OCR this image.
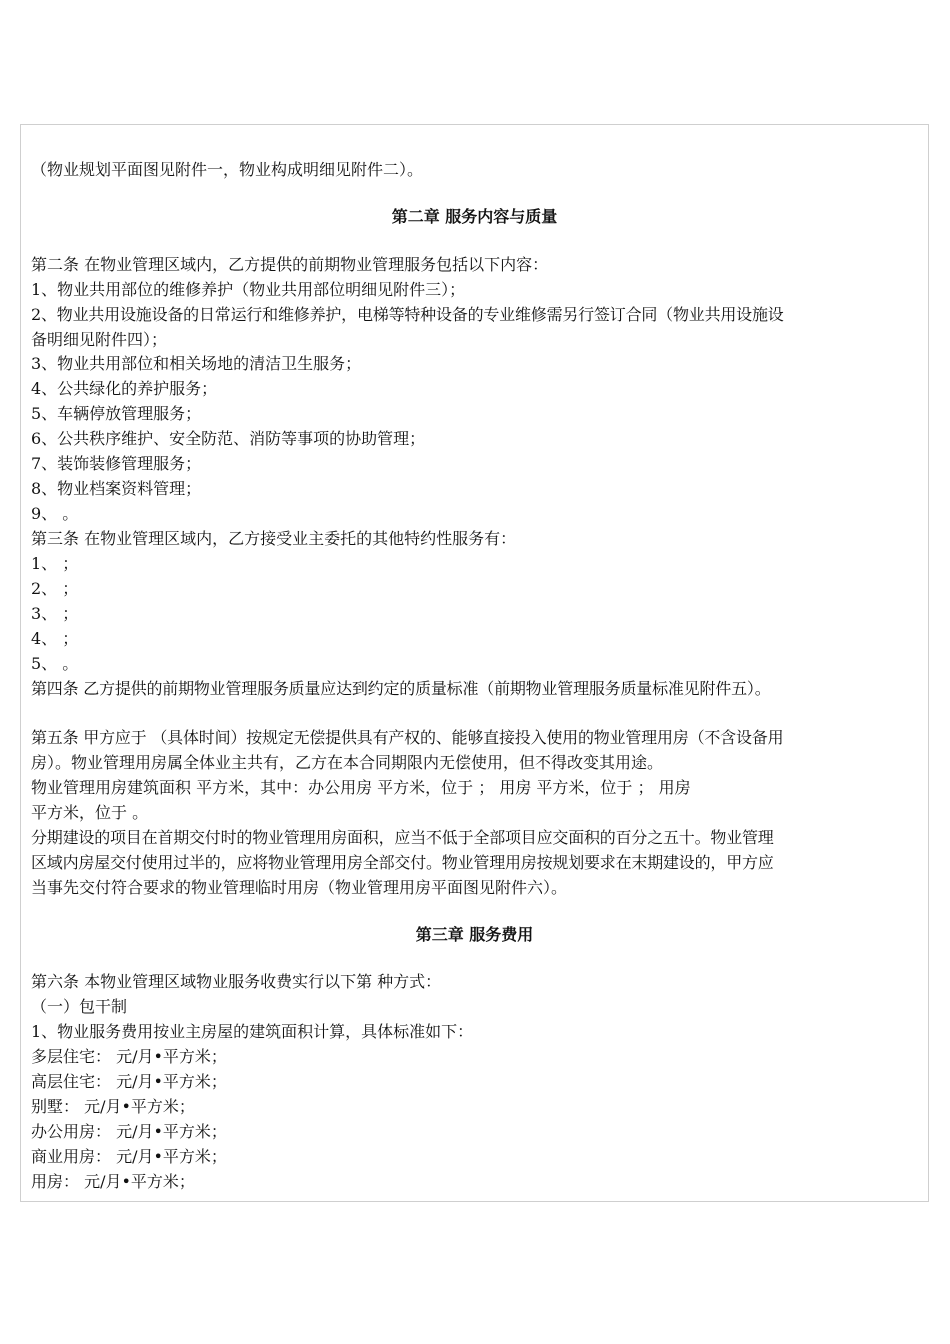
（物业规划平面图见附件一，物业构成明细见附件二）。
第二章 服务内容与质量
第二条 在物业管理区域内，乙方提供的前期物业管理服务包括以下内容：
1、物业共用部位的维修养护（物业共用部位明细见附件三）；
2、物业共用设施设备的日常运行和维修养护，电梯等特种设备的专业维修需另行签订合同（物业共用设施设
备明细见附件四）；
3、物业共用部位和相关场地的清洁卫生服务；
4、公共绿化的养护服务；
5、车辆停放管理服务；
6、公共秩序维护、安全防范、消防等事项的协助管理；
7、装饰装修管理服务；
8、物业档案资料管理；
9、 。
第三条 在物业管理区域内，乙方接受业主委托的其他特约性服务有：
1、 ；
2、 ；
3、 ；
4、 ；
5、 。
第四条 乙方提供的前期物业管理服务质量应达到约定的质量标准（前期物业管理服务质量标准见附件五）。
第五条 甲方应于 （具体时间）按规定无偿提供具有产权的、能够直接投入使用的物业管理用房（不含设备用
房）。物业管理用房属全体业主共有，乙方在本合同期限内无偿使用，但不得改变其用途。
物业管理用房建筑面积 平方米，其中：办公用房 平方米，位于 ； 用房 平方米，位于 ； 用房
平方米，位于 。
分期建设的项目在首期交付时的物业管理用房面积，应当不低于全部项目应交面积的百分之五十。物业管理
区域内房屋交付使用过半的，应将物业管理用房全部交付。物业管理用房按规划要求在末期建设的，甲方应
当事先交付符合要求的物业管理临时用房（物业管理用房平面图见附件六）。
第三章 服务费用
第六条 本物业管理区域物业服务收费实行以下第 种方式：
（一）包干制
1、物业服务费用按业主房屋的建筑面积计算，具体标准如下：
多层住宅： 元/月•平方米；
高层住宅： 元/月•平方米；
别墅： 元/月•平方米；
办公用房： 元/月•平方米；
商业用房： 元/月•平方米；
用房： 元/月•平方米；
